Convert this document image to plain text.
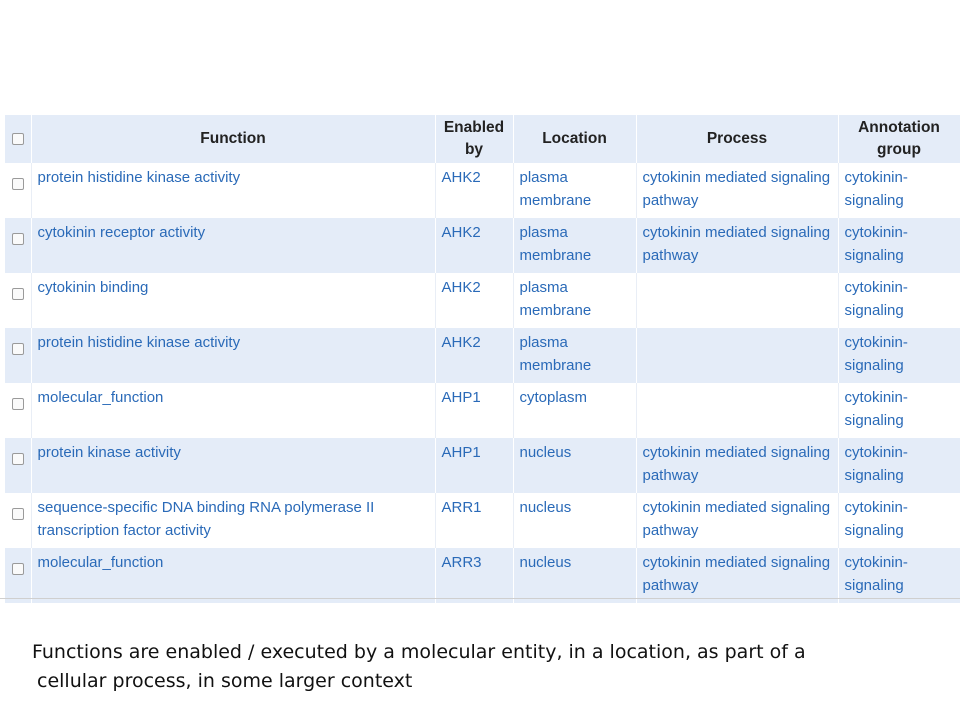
	Function	Enabled by	Location	Process	Annotation group
	protein histidine kinase activity	AHK2	plasma membrane	cytokinin mediated signaling pathway	cytokinin-signaling
	cytokinin receptor activity	AHK2	plasma membrane	cytokinin mediated signaling pathway	cytokinin-signaling
	cytokinin binding	AHK2	plasma membrane		cytokinin-signaling
	protein histidine kinase activity	AHK2	plasma membrane		cytokinin-signaling
	molecular_function	AHP1	cytoplasm		cytokinin-signaling
	protein kinase activity	AHP1	nucleus	cytokinin mediated signaling pathway	cytokinin-signaling
	sequence-specific DNA binding RNA polymerase II transcription factor activity	ARR1	nucleus	cytokinin mediated signaling pathway	cytokinin-signaling
	molecular_function	ARR3	nucleus	cytokinin mediated signaling pathway	cytokinin-signaling
Functions are enabled / executed by a molecular entity, in a location, as part of a
cellular process, in some larger context
